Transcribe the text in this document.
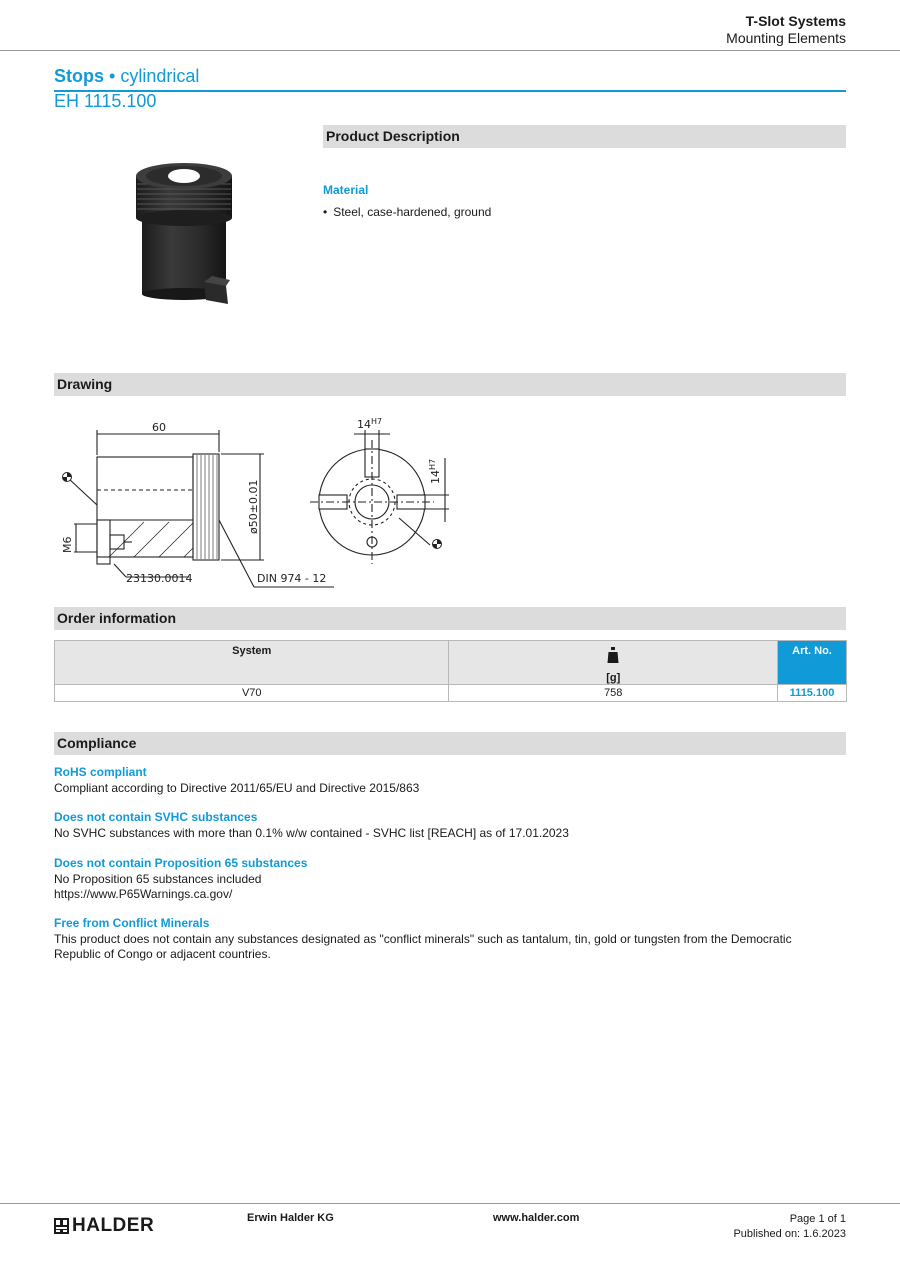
T-Slot Systems
Mounting Elements
Stops • cylindrical
EH 1115.100
Product Description
Material
• Steel, case-hardened, ground
Drawing
60	$14^{H7}$
$14^{H7}$
ø50±0.01
M6
23130.0014	DIN 974 - 12
Order information
System	[g]	Art. No.
V70	758	1115.100
Compliance
RoHS compliant
Compliant according to Directive 2011/65/EU and Directive 2015/863
Does not contain SVHC substances
No SVHC substances with more than 0.1% w/w contained - SVHC list [REACH] as of 17.01.2023
Does not contain Proposition 65 substances
No Proposition 65 substances included
https://www.P65Warnings.ca.gov/
Free from Conflict Minerals
This product does not contain any substances designated as "conflict minerals" such as tantalum, tin, gold or tungsten from the Democratic
Republic of Congo or adjacent countries.
HALDER	Erwin Halder KG	www.halder.com	Page 1 of 1
Published on: 1.6.2023
